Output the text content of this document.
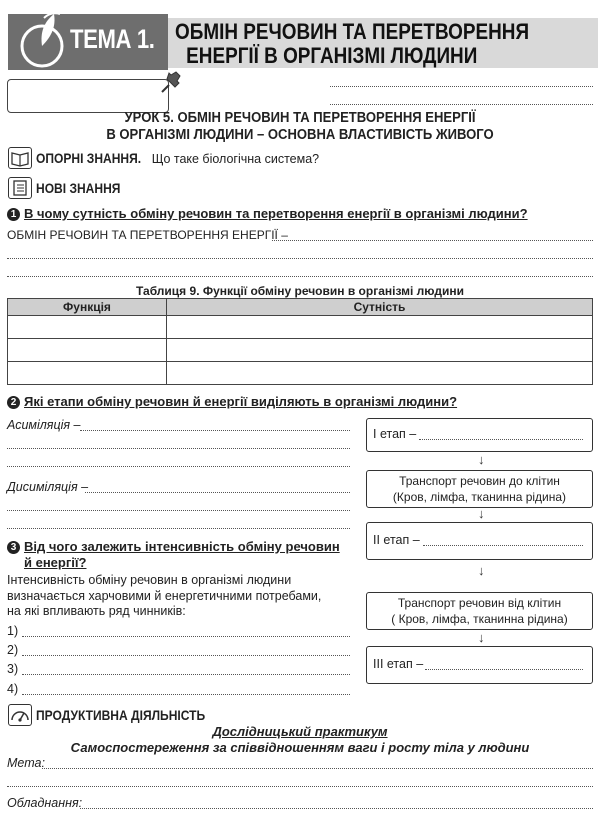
ТЕМА 1. ОБМІН РЕЧОВИН ТА ПЕРЕТВОРЕННЯ
ЕНЕРГІЇ В ОРГАНІЗМІ ЛЮДИНИ
УРОК 5. ОБМІН РЕЧОВИН ТА ПЕРЕТВОРЕННЯ ЕНЕРГІЇ
В ОРГАНІЗМІ ЛЮДИНИ – ОСНОВНА ВЛАСТИВІСТЬ ЖИВОГО
ОПОРНІ ЗНАННЯ. Що таке біологічна система?
НОВІ ЗНАННЯ
1 В чому сутність обміну речовин та перетворення енергії в організмі людини?
ОБМІН РЕЧОВИН ТА ПЕРЕТВОРЕННЯ ЕНЕРГІЇ –
Таблиця 9. Функції обміну речовин в організмі людини
Функція	Сутність

2 Які етапи обміну речовин й енергії виділяють в організмі людини?
Асиміляція –
Дисиміляція –
I етап –
↓
Транспорт речовин до клітин
(Кров, лімфа, тканинна рідина)
↓
II етап –
↓
Транспорт речовин від клітин
( Кров, лімфа, тканинна рідина)
↓
III етап –
3 Від чого залежить інтенсивність обміну речовин
й енергії?
Інтенсивність обміну речовин в організмі людини
визначається харчовими й енергетичними потребами,
на які впливають ряд чинників:
1)
2)
3)
4)
ПРОДУКТИВНА ДІЯЛЬНІСТЬ
Дослідницький практикум
Самоспостереження за співвідношенням ваги і росту тіла у людини
Мета:
Обладнання:
